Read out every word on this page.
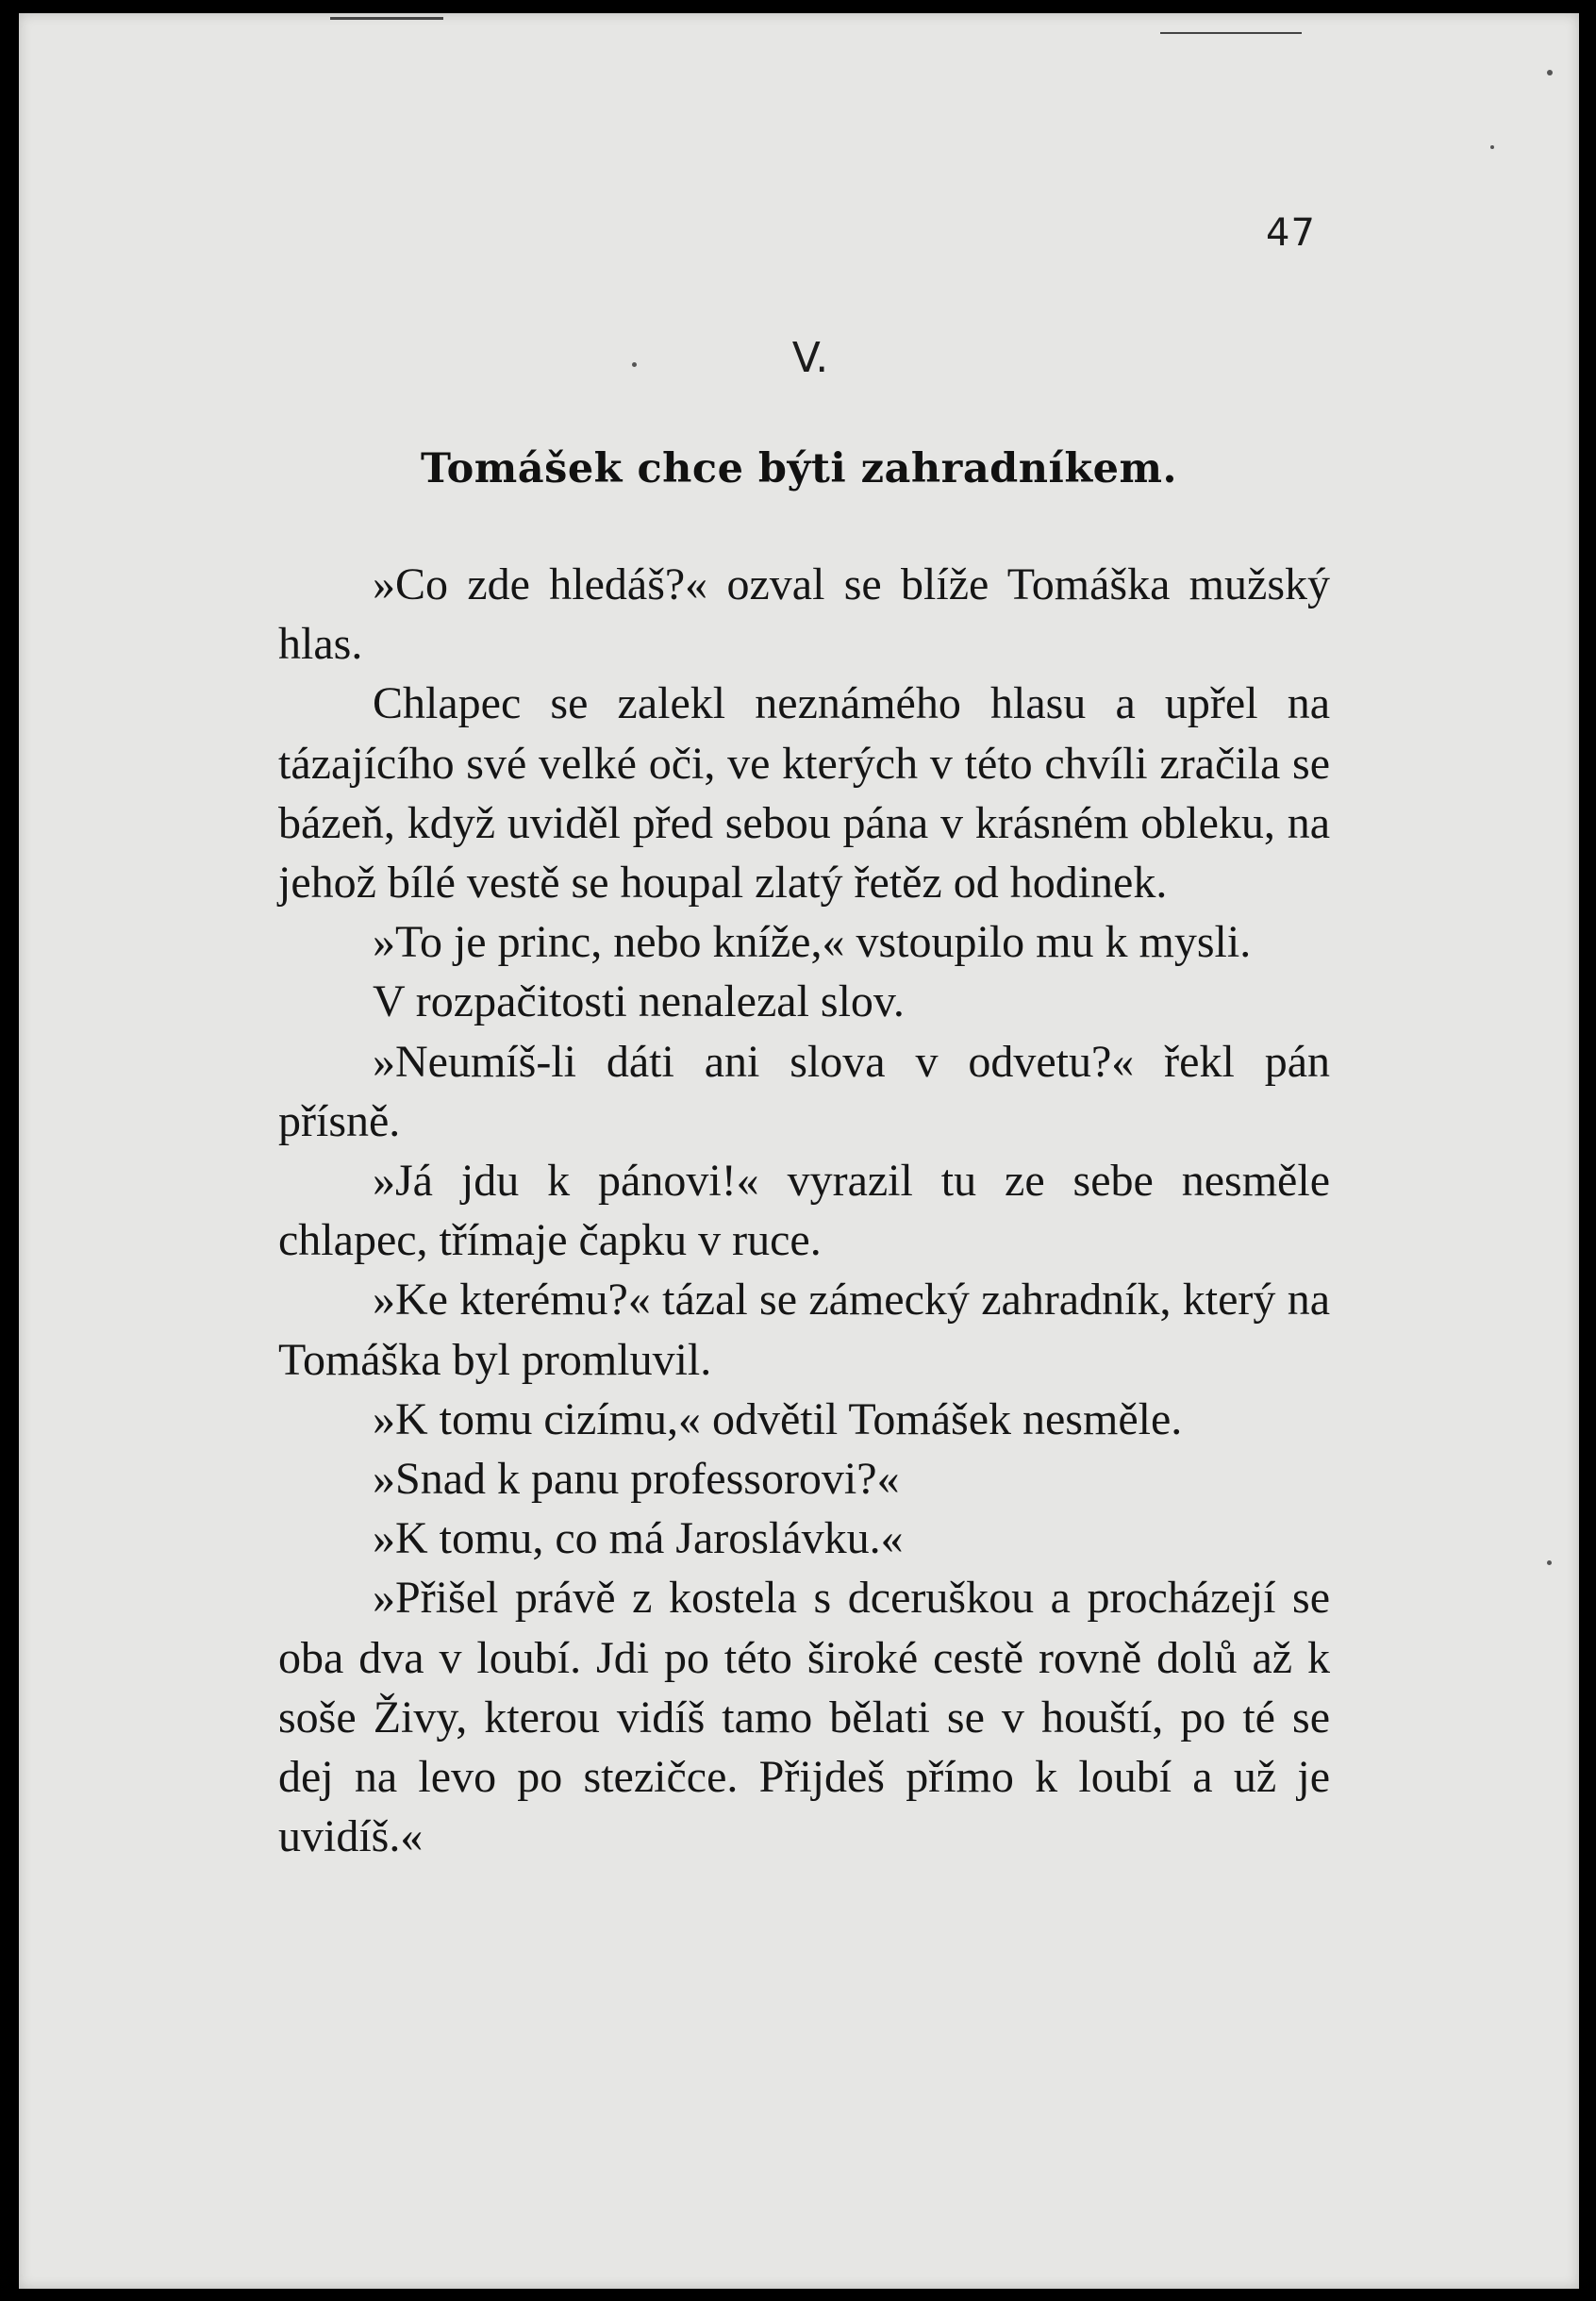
47
V.
Tomášek chce býti zahradníkem.

»Co zde hledáš?« ozval se blíže Tomáška mužský hlas.

Chlapec se zalekl neznámého hlasu a upřel na tázajícího své velké oči, ve kterých v této chvíli zračila se bázeň, když uviděl před sebou pána v krásném obleku, na jehož bílé vestě se houpal zlatý řetěz od hodinek.

»To je princ, nebo kníže,« vstoupilo mu k mysli.

V rozpačitosti nenalezal slov.

»Neumíš-li dáti ani slova v odvetu?« řekl pán přísně.

»Já jdu k pánovi!« vyrazil tu ze sebe nesměle chlapec, třímaje čapku v ruce.

»Ke kterému?« tázal se zámecký zahradník, který na Tomáška byl promluvil.

»K tomu cizímu,« odvětil Tomášek nesměle.

»Snad k panu professorovi?«

»K tomu, co má Jaroslávku.«

»Přišel právě z kostela s dceruškou a procházejí se oba dva v loubí. Jdi po této široké cestě rovně dolů až k soše Živy, kterou vidíš tamo bělati se v houští, po té se dej na levo po stezičce. Přijdeš přímo k loubí a už je uvidíš.«
